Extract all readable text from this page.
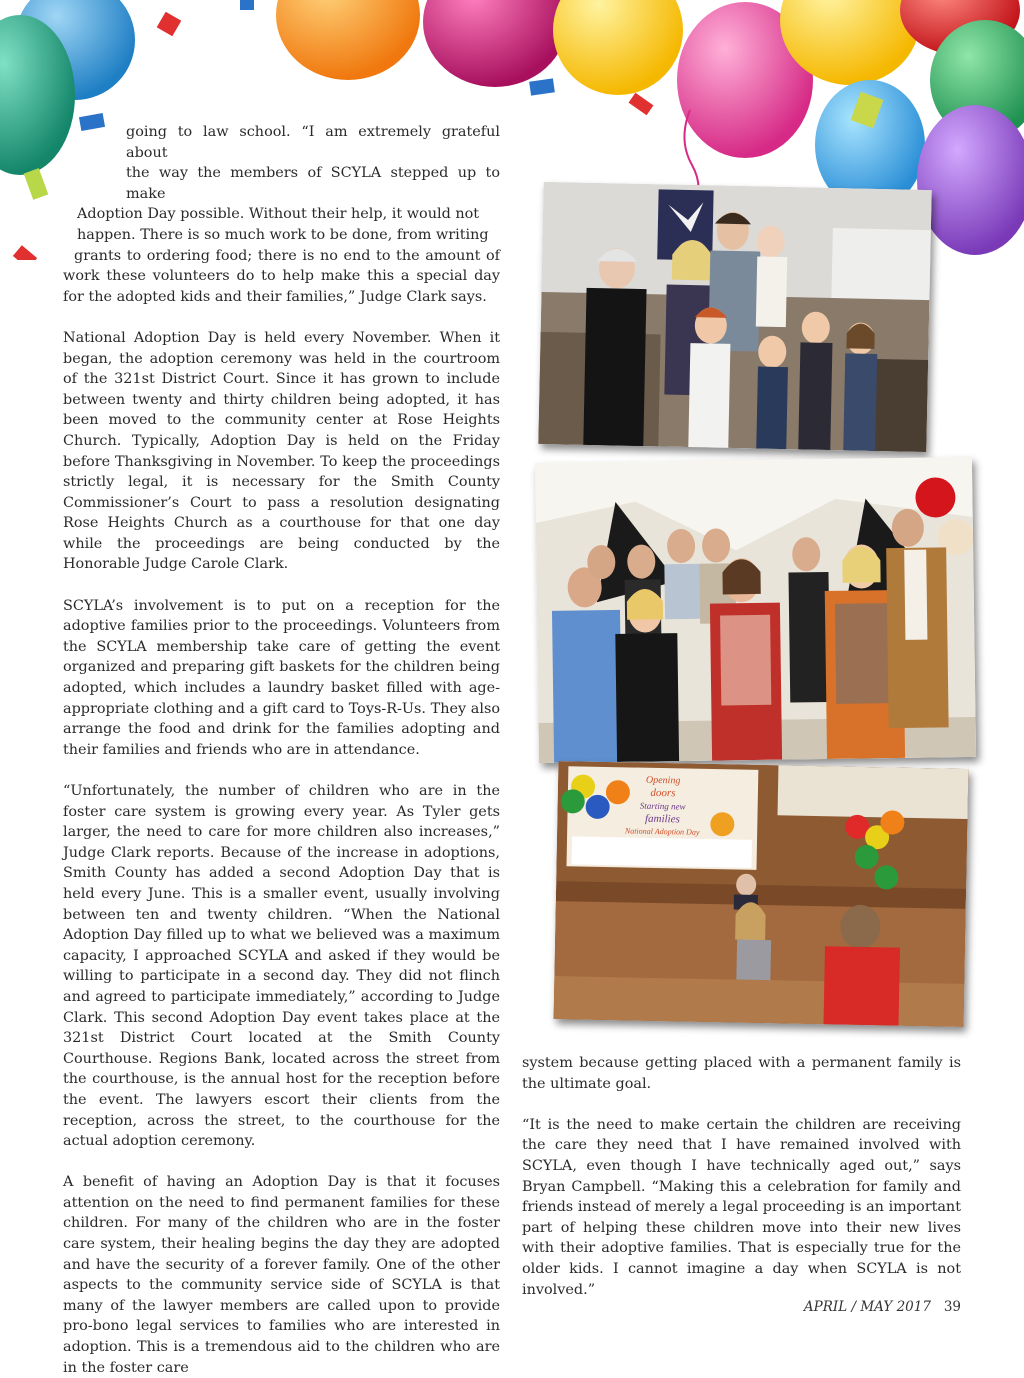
going to law school. “I am extremely grateful about
the way the members of SCYLA stepped up to make
Adoption Day possible. Without their help, it would not
happen. There is so much work to be done, from writing
grants to ordering food; there is no end to the amount of work these volunteers do to help make this a special day for the adopted kids and their families,” Judge Clark says.

National Adoption Day is held every November. When it began, the adoption ceremony was held in the courtroom of the 321st District Court. Since it has grown to include between twenty and thirty children being adopted, it has been moved to the community center at Rose Heights Church. Typically, Adoption Day is held on the Friday before Thanksgiving in November. To keep the proceedings strictly legal, it is necessary for the Smith County Commissioner’s Court to pass a resolution designating Rose Heights Church as a courthouse for that one day while the proceedings are being conducted by the Honorable Judge Carole Clark.

SCYLA’s involvement is to put on a reception for the adoptive families prior to the proceedings. Volunteers from the SCYLA membership take care of getting the event organized and preparing gift baskets for the children being adopted, which includes a laundry basket filled with age-appropriate clothing and a gift card to Toys-R-Us. They also arrange the food and drink for the families adopting and their families and friends who are in attendance.

“Unfortunately, the number of children who are in the foster care system is growing every year. As Tyler gets larger, the need to care for more children also increases,” Judge Clark reports. Because of the increase in adoptions, Smith County has added a second Adoption Day that is held every June. This is a smaller event, usually involving between ten and twenty children. “When the National Adoption Day filled up to what we believed was a maximum capacity, I approached SCYLA and asked if they would be willing to participate in a second day. They did not flinch and agreed to participate immediately,” according to Judge Clark. This second Adoption Day event takes place at the 321st District Court located at the Smith County Courthouse. Regions Bank, located across the street from the courthouse, is the annual host for the reception before the event. The lawyers escort their clients from the reception, across the street, to the courthouse for the actual adoption ceremony.

A benefit of having an Adoption Day is that it focuses attention on the need to find permanent families for these children. For many of the children who are in the foster care system, their healing begins the day they are adopted and have the security of a forever family. One of the other aspects to the community service side of SCYLA is that many of the lawyer members are called upon to provide pro-bono legal services to families who are interested in adoption. This is a tremendous aid to the children who are in the foster care

Opening
doors
Starting new
families
National Adoption Day

system because getting placed with a permanent family is the ultimate goal.

“It is the need to make certain the children are receiving the care they need that I have remained involved with SCYLA, even though I have technically aged out,” says Bryan Campbell. “Making this a celebration for family and friends instead of merely a legal proceeding is an important part of helping these children move into their new lives with their adoptive families. That is especially true for the older kids. I cannot imagine a day when SCYLA is not involved.”

APRIL / MAY 2017 39
